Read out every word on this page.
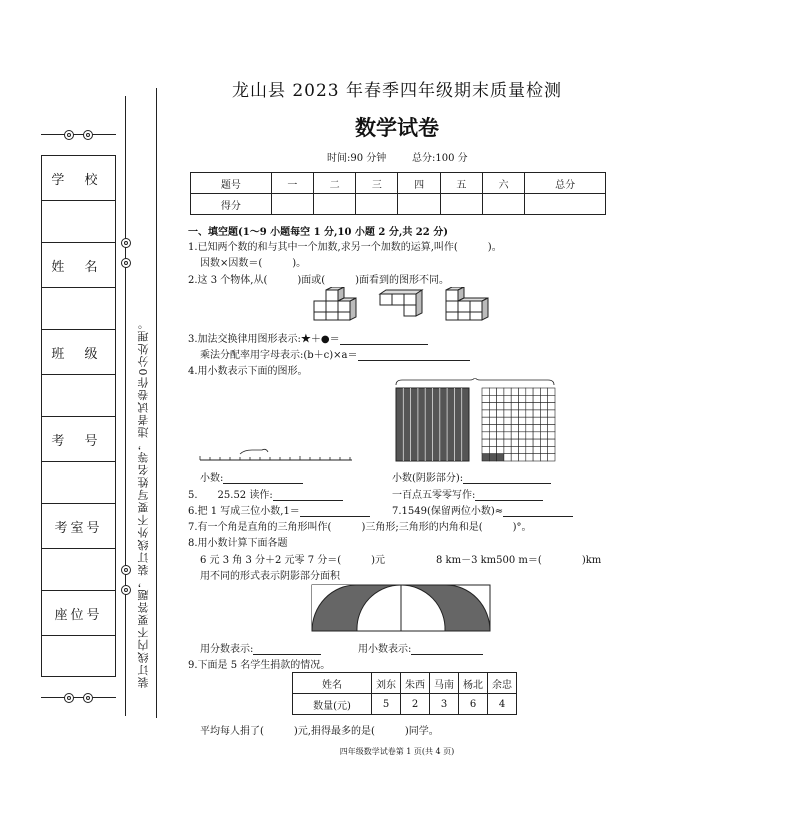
学 校
姓 名
班 级
考 号
考室号
座位号	装订线内不要答题，装订线外不要写姓名等，违者试卷作0分处理。
龙山县 2023 年春季四年级期末质量检测
数学试卷
时间:90 分钟	总分:100 分
题号	一	二	三	四	五	六	总分
得分							
一、填空题(1～9 小题每空 1 分,10 小题 2 分,共 22 分)
1.已知两个数的和与其中一个加数,求另一个加数的运算,叫作(　　　)。
因数×因数＝(　　　)。
2.这 3 个物体,从(　　　)面或(　　　)面看到的图形不同。
3.加法交换律用图形表示:★＋●＝
乘法分配率用字母表示:(b＋c)×a＝
4.用小数表示下面的图形。
小数:	小数(阴影部分):
5.　　25.52 读作:	一百点五零零写作:
6.把 1 写成三位小数,1＝	7.1549(保留两位小数)≈
7.有一个角是直角的三角形叫作(　　　)三角形;三角形的内角和是(　　　)°。
8.用小数计算下面各题
6 元 3 角 3 分＋2 元零 7 分＝(　　　)元	8 km－3 km500 m＝(　　　　)km
用不同的形式表示阴影部分面积
用分数表示:	用小数表示:
9.下面是 5 名学生捐款的情况。
姓名	刘东	朱西	马南	杨北	余忠
数量(元)	5	2	3	6	4
平均每人捐了(　　　)元,捐得最多的是(　　　)同学。
四年级数学试卷第 1 页(共 4 页)
